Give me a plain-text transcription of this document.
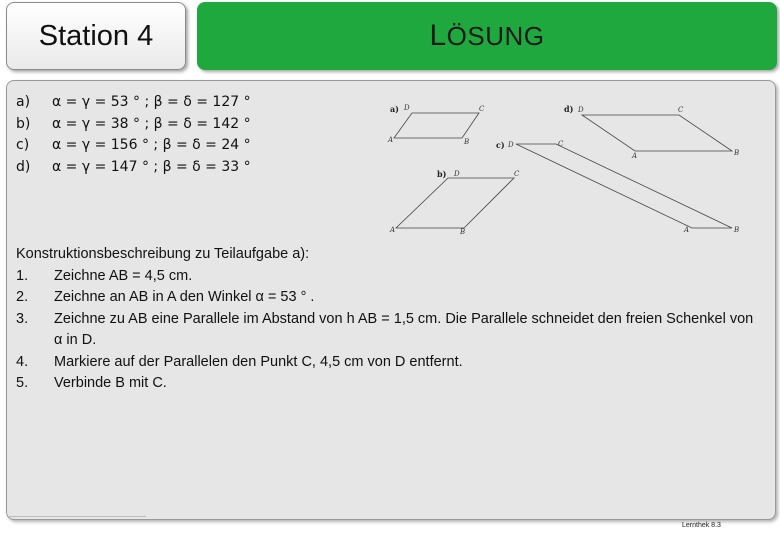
Station 4	LÖSUNG
a)	α = γ = 53 ° ; β = δ = 127 °
b)	α = γ = 38 ° ; β = δ = 142 °
c)	α = γ = 156 ° ; β = δ = 24 °
d)	α = γ = 147 ° ; β = δ = 33 °
a)
A	B
C
D
b)
A	B
C
D
c) D	C
A	B
d) D	C
A	B
Konstruktionsbeschreibung zu Teilaufgabe a):
1.	Zeichne AB = 4,5 cm.
2.	Zeichne an AB in A den Winkel α = 53 ° .
3.	Zeichne zu AB eine Parallele im Abstand von h AB = 1,5 cm. Die Parallele schneidet den freien Schenkel von α in D.
4.	Markiere auf der Parallelen den Punkt C, 4,5 cm von D entfernt.
5.	Verbinde B mit C.
Lernthek 8.3
